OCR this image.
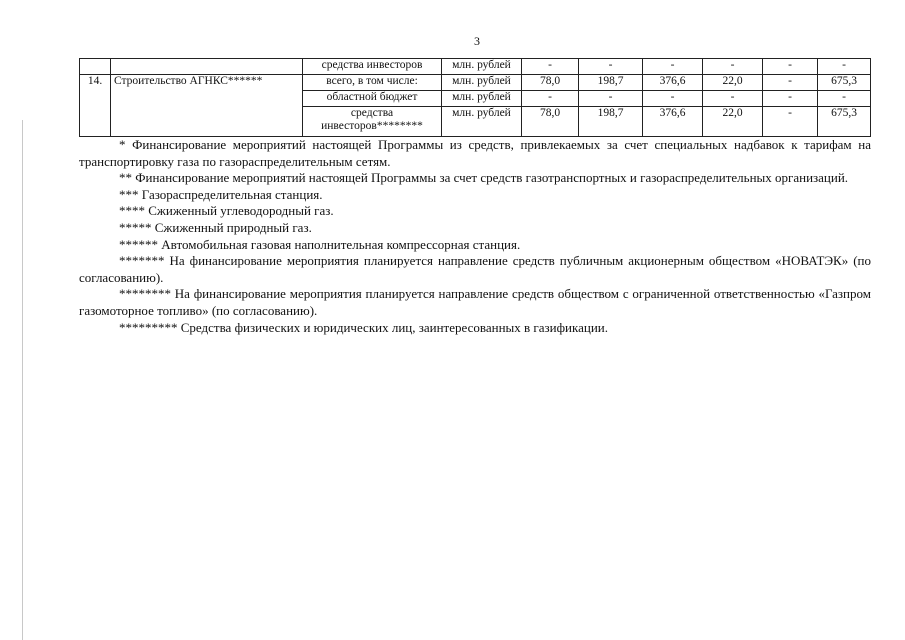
3
		средства инвесторов	млн. рублей	-	-	-	-	-	-
14.	Строительство АГНКС******	всего, в том числе:	млн. рублей	78,0	198,7	376,6	22,0	-	675,3
		областной бюджет	млн. рублей	-	-	-	-	-	-
		средства инвесторов********	млн. рублей	78,0	198,7	376,6	22,0	-	675,3

* Финансирование мероприятий настоящей Программы из средств, привлекаемых за счет специальных надбавок к тарифам на транспортировку газа по газораспределительным сетям.

** Финансирование мероприятий настоящей Программы за счет средств газотранспортных и газораспределительных организаций.

*** Газораспределительная станция.

**** Сжиженный углеводородный газ.

***** Сжиженный природный газ.

****** Автомобильная газовая наполнительная компрессорная станция.

******* На финансирование мероприятия планируется направление средств публичным акционерным обществом «НОВАТЭК» (по согласованию).

******** На финансирование мероприятия планируется направление средств обществом с ограниченной ответственностью «Газпром газомоторное топливо» (по согласованию).

********* Средства физических и юридических лиц, заинтересованных в газификации.
